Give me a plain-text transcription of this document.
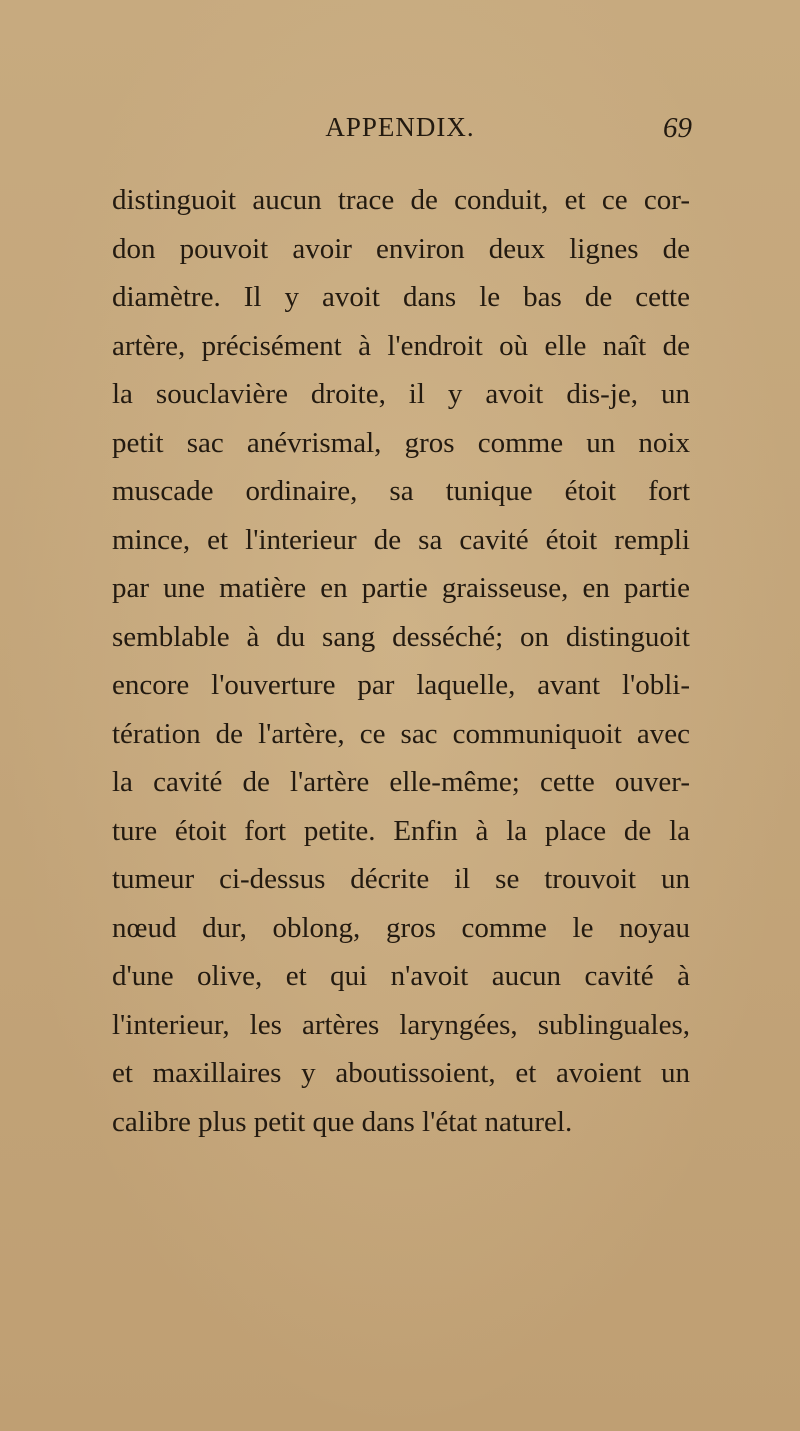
APPENDIX.	69
distinguoit aucun trace de conduit, et ce cor-
don pouvoit avoir environ deux lignes de
diamètre. Il y avoit dans le bas de cette
artère, précisément à l'endroit où elle naît de
la souclavière droite, il y avoit dis-je, un
petit sac anévrismal, gros comme un noix
muscade ordinaire, sa tunique étoit fort
mince, et l'interieur de sa cavité étoit rempli
par une matière en partie graisseuse, en partie
semblable à du sang desséché; on distinguoit
encore l'ouverture par laquelle, avant l'obli-
tération de l'artère, ce sac communiquoit avec
la cavité de l'artère elle-même; cette ouver-
ture étoit fort petite. Enfin à la place de la
tumeur ci-dessus décrite il se trouvoit un
nœud dur, oblong, gros comme le noyau
d'une olive, et qui n'avoit aucun cavité à
l'interieur, les artères laryngées, sublinguales,
et maxillaires y aboutissoient, et avoient un
calibre plus petit que dans l'état naturel.
